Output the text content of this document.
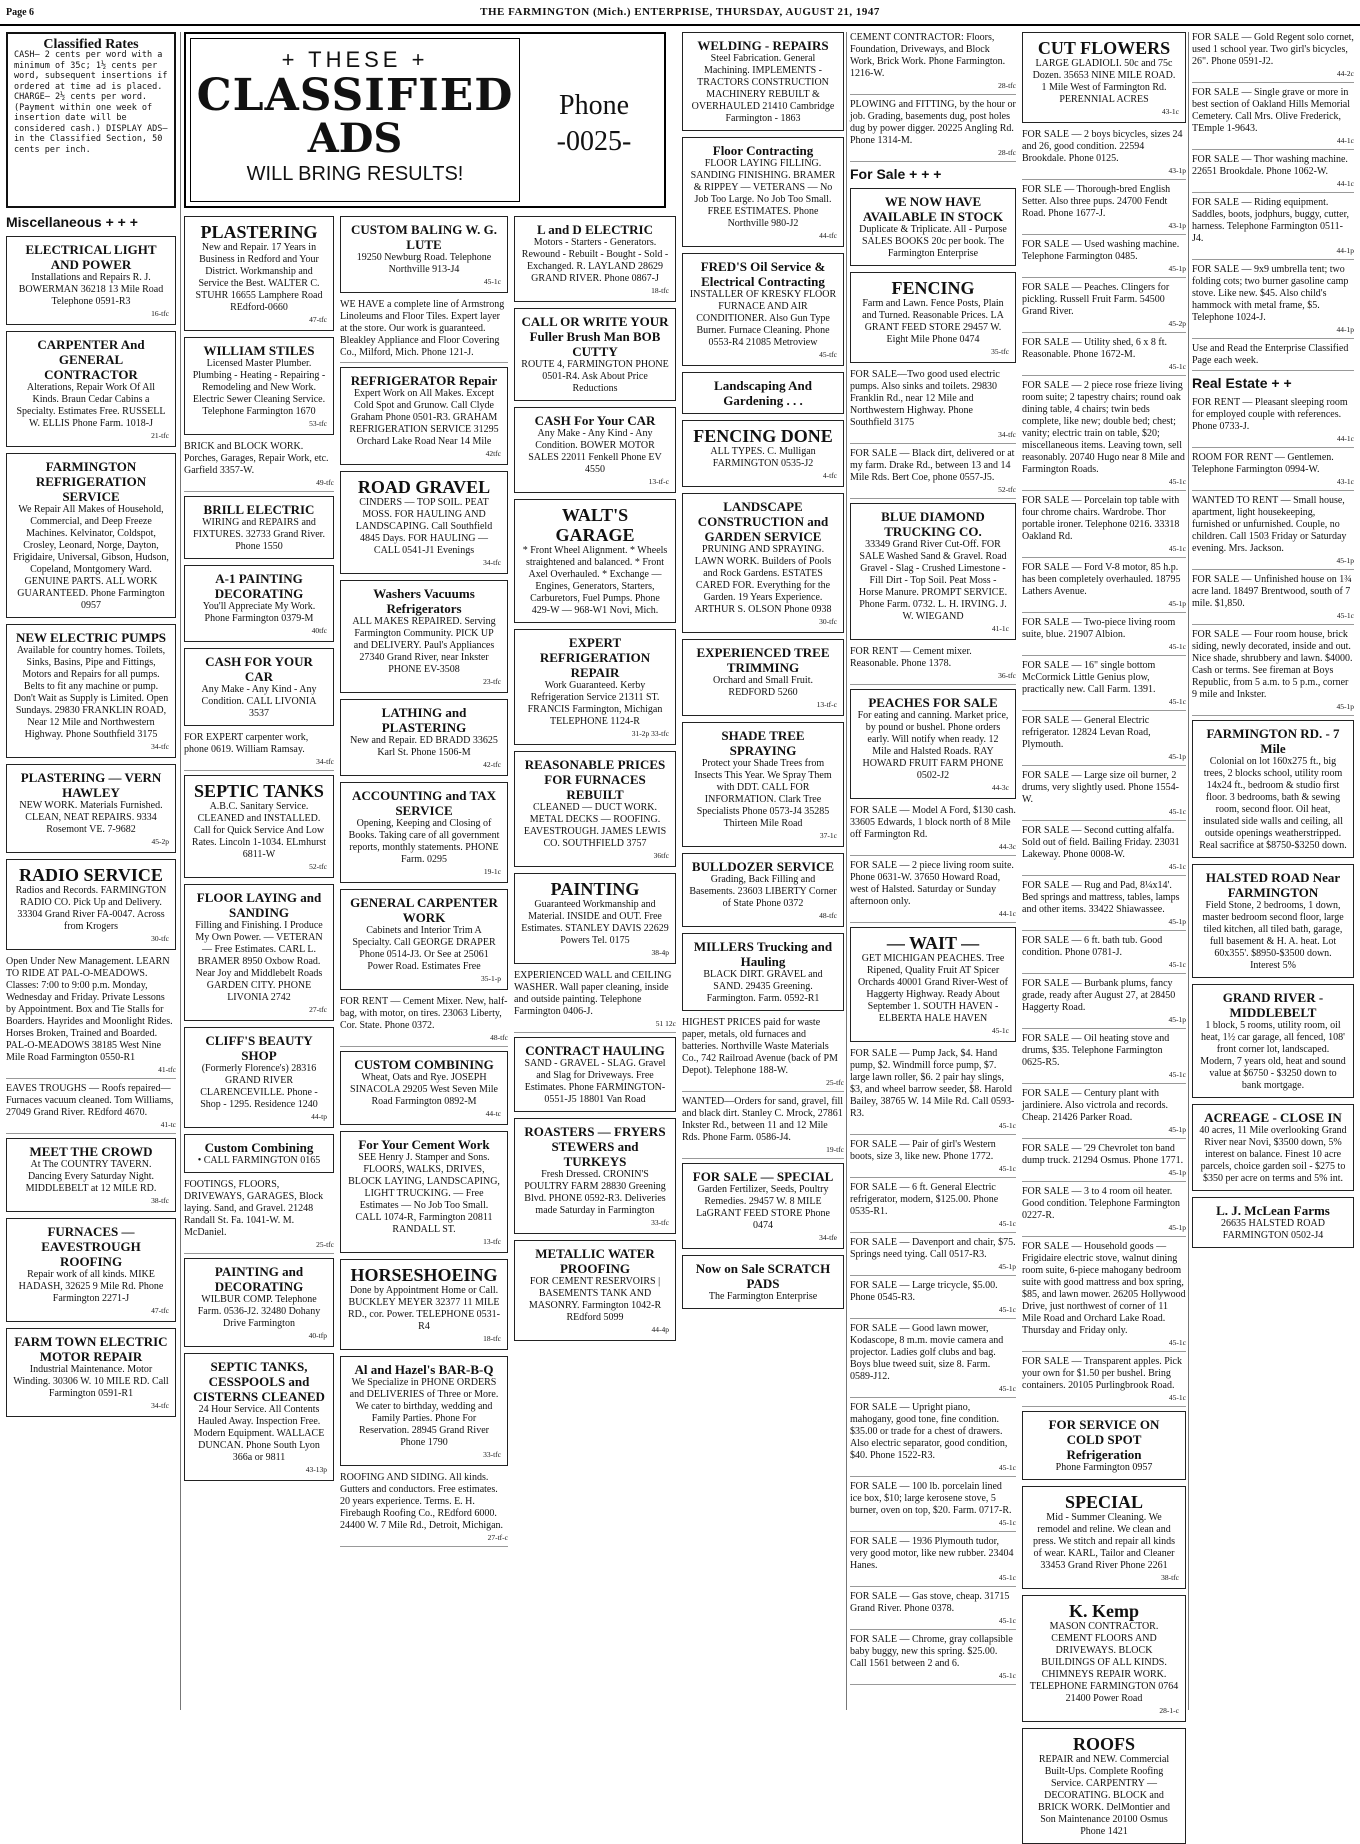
Page 6	THE FARMINGTON (Mich.) ENTERPRISE, THURSDAY, AUGUST 21, 1947
+ THESE +
CLASSIFIED
ADS
WILL BRING RESULTS!
Phone
-0025-
Classified Rates
CASH— 2 cents per word with a minimum of 35c; 1½ cents per word, subsequent insertions if ordered at time ad is placed. CHARGE— 2½ cents per word. (Payment within one week of insertion date will be considered cash.) DISPLAY ADS— in the Classified Section, 50 cents per inch.
Miscellaneous + + +
ELECTRICAL LIGHT AND POWER
Installations and Repairs R. J. BOWERMAN 36218 13 Mile Road Telephone 0591-R3
16-tfc
CARPENTER And GENERAL CONTRACTOR
Alterations, Repair Work Of All Kinds. Braun Cedar Cabins a Specialty. Estimates Free. RUSSELL W. ELLIS Phone Farm. 1018-J
21-tfc
FARMINGTON REFRIGERATION SERVICE
We Repair All Makes of Household, Commercial, and Deep Freeze Machines. Kelvinator, Coldspot, Crosley, Leonard, Norge, Dayton, Frigidaire, Universal, Gibson, Hudson, Copeland, Montgomery Ward. GENUINE PARTS. ALL WORK GUARANTEED. Phone Farmington 0957
NEW ELECTRIC PUMPS
Available for country homes. Toilets, Sinks, Basins, Pipe and Fittings, Motors and Repairs for all pumps. Belts to fit any machine or pump. Don't Wait as Supply is Limited. Open Sundays. 29830 FRANKLIN ROAD, Near 12 Mile and Northwestern Highway. Phone Southfield 3175
34-tfc
PLASTERING — VERN HAWLEY
NEW WORK. Materials Furnished. CLEAN, NEAT REPAIRS. 9334 Rosemont VE. 7-9682
45-2p
RADIO SERVICE
Radios and Records. FARMINGTON RADIO CO. Pick Up and Delivery. 33304 Grand River FA-0047. Across from Krogers
30-tfc
Open Under New Management. LEARN TO RIDE AT PAL-O-MEADOWS. Classes: 7:00 to 9:00 p.m. Monday, Wednesday and Friday. Private Lessons by Appointment. Box and Tie Stalls for Boarders. Hayrides and Moonlight Rides. Horses Broken, Trained and Boarded. PAL-O-MEADOWS 38185 West Nine Mile Road Farmington 0550-R1
41-tfc
EAVES TROUGHS — Roofs repaired—Furnaces vacuum cleaned. Tom Williams, 27049 Grand River. REdford 4670.
41-tc
MEET THE CROWD
At The COUNTRY TAVERN. Dancing Every Saturday Night. MIDDLEBELT at 12 MILE RD.
38-tfc
FURNACES — EAVESTROUGH ROOFING
Repair work of all kinds. MIKE HADASH, 32625 9 Mile Rd. Phone Farmington 2271-J
47-tfc
FARM TOWN ELECTRIC MOTOR REPAIR
Industrial Maintenance. Motor Winding. 30306 W. 10 MILE RD. Call Farmington 0591-R1
34-tfc
PLASTERING
New and Repair. 17 Years in Business in Redford and Your District. Workmanship and Service the Best. WALTER C. STUHR 16655 Lamphere Road REdford-0660
47-tfc
WILLIAM STILES
Licensed Master Plumber. Plumbing - Heating - Repairing - Remodeling and New Work. Electric Sewer Cleaning Service. Telephone Farmington 1670
53-tfc
BRICK and BLOCK WORK. Porches, Garages, Repair Work, etc. Garfield 3357-W.
49-tfc
BRILL ELECTRIC
WIRING and REPAIRS and FIXTURES. 32733 Grand River. Phone 1550
A-1 PAINTING DECORATING
You'll Appreciate My Work. Phone Farmington 0379-M
40tfc
CASH FOR YOUR CAR
Any Make - Any Kind - Any Condition. CALL LIVONIA 3537
FOR EXPERT carpenter work, phone 0619. William Ramsay.
34-tfc
SEPTIC TANKS
A.B.C. Sanitary Service. CLEANED and INSTALLED. Call for Quick Service And Low Rates. Lincoln 1-1034. ELmhurst 6811-W
52-tfc
FLOOR LAYING and SANDING
Filling and Finishing. I Produce My Own Power. — VETERAN — Free Estimates. CARL L. BRAMER 8950 Oxbow Road. Near Joy and Middlebelt Roads GARDEN CITY. PHONE LIVONIA 2742
27-tfc
CLIFF'S BEAUTY SHOP
(Formerly Florence's) 28316 GRAND RIVER CLARENCEVILLE. Phone - Shop - 1295. Residence 1240
44-tp
Custom Combining
• CALL FARMINGTON 0165
FOOTINGS, FLOORS, DRIVEWAYS, GARAGES, Block laying. Sand, and Gravel. 21248 Randall St. Fa. 1041-W. M. McDaniel.
25-tfc
PAINTING and DECORATING
WILBUR COMP. Telephone Farm. 0536-J2. 32480 Dohany Drive Farmington
40-tfp
SEPTIC TANKS, CESSPOOLS and CISTERNS CLEANED
24 Hour Service. All Contents Hauled Away. Inspection Free. Modern Equipment. WALLACE DUNCAN. Phone South Lyon 366a or 9811
43-13p
CUSTOM BALING W. G. LUTE
19250 Newburg Road. Telephone Northville 913-J4
45-1c
WE HAVE a complete line of Armstrong Linoleums and Floor Tiles. Expert layer at the store. Our work is guaranteed. Bleakley Appliance and Floor Covering Co., Milford, Mich. Phone 121-J.
REFRIGERATOR Repair
Expert Work on All Makes. Except Cold Spot and Grunow. Call Clyde Graham Phone 0501-R3. GRAHAM REFRIGERATION SERVICE 31295 Orchard Lake Road Near 14 Mile
42tfc
ROAD GRAVEL
CINDERS — TOP SOIL. PEAT MOSS. FOR HAULING AND LANDSCAPING. Call Southfield 4845 Days. FOR HAULING — CALL 0541-J1 Evenings
34-tfc
Washers Vacuums Refrigerators
ALL MAKES REPAIRED. Serving Farmington Community. PICK UP and DELIVERY. Paul's Appliances 27340 Grand River, near Inkster PHONE EV-3508
23-tfc
LATHING and PLASTERING
New and Repair. ED BRADD 33625 Karl St. Phone 1506-M
42-tfc
ACCOUNTING and TAX SERVICE
Opening, Keeping and Closing of Books. Taking care of all government reports, monthly statements. PHONE Farm. 0295
19-1c
GENERAL CARPENTER WORK
Cabinets and Interior Trim A Specialty. Call GEORGE DRAPER Phone 0514-J3. Or See at 25061 Power Road. Estimates Free
35-1-p
FOR RENT — Cement Mixer. New, half-bag, with motor, on tires. 23063 Liberty, Cor. State. Phone 0372.
48-tfc
CUSTOM COMBINING
Wheat, Oats and Rye. JOSEPH SINACOLA 29205 West Seven Mile Road Farmington 0892-M
44-tc
For Your Cement Work
SEE Henry J. Stamper and Sons. FLOORS, WALKS, DRIVES, BLOCK LAYING, LANDSCAPING, LIGHT TRUCKING. — Free Estimates — No Job Too Small. CALL 1074-R, Farmington 20811 RANDALL ST.
13-tfc
HORSESHOEING
Done by Appointment Home or Call. BUCKLEY MEYER 32377 11 MILE RD., cor. Power. TELEPHONE 0531-R4
18-tfc
Al and Hazel's BAR-B-Q
We Specialize in PHONE ORDERS and DELIVERIES of Three or More. We cater to birthday, wedding and Family Parties. Phone For Reservation. 28945 Grand River Phone 1790
33-tfc
ROOFING AND SIDING. All kinds. Gutters and conductors. Free estimates. 20 years experience. Terms. E. H. Firebaugh Roofing Co., REdford 6000. 24400 W. 7 Mile Rd., Detroit, Michigan.
27-tf-c
L and D ELECTRIC
Motors - Starters - Generators. Rewound - Rebuilt - Bought - Sold - Exchanged. R. LAYLAND 28629 GRAND RIVER. Phone 0867-J
18-tfc
CALL OR WRITE YOUR Fuller Brush Man BOB CUTTY
ROUTE 4, FARMINGTON PHONE 0501-R4. Ask About Price Reductions
CASH For Your CAR
Any Make - Any Kind - Any Condition. BOWER MOTOR SALES 22011 Fenkell Phone EV 4550
13-tf-c
WALT'S GARAGE
* Front Wheel Alignment. * Wheels straightened and balanced. * Front Axel Overhauled. * Exchange — Engines, Generators, Starters, Carburetors, Fuel Pumps. Phone 429-W — 968-W1 Novi, Mich.
EXPERT REFRIGERATION REPAIR
Work Guaranteed. Kerby Refrigeration Service 21311 ST. FRANCIS Farmington, Michigan TELEPHONE 1124-R
31-2p 33-tfc
REASONABLE PRICES FOR FURNACES REBUILT
CLEANED — DUCT WORK. METAL DECKS — ROOFING. EAVESTROUGH. JAMES LEWIS CO. SOUTHFIELD 3757
36tfc
PAINTING
Guaranteed Workmanship and Material. INSIDE and OUT. Free Estimates. STANLEY DAVIS 22629 Powers Tel. 0175
38-4p
EXPERIENCED WALL and CEILING WASHER. Wall paper cleaning, inside and outside painting. Telephone Farmington 0406-J.
51 12c
CONTRACT HAULING
SAND - GRAVEL - SLAG. Gravel and Slag for Driveways. Free Estimates. Phone FARMINGTON-0551-J5 18801 Van Road
ROASTERS — FRYERS STEWERS and TURKEYS
Fresh Dressed. CRONIN'S POULTRY FARM 28830 Greening Blvd. PHONE 0592-R3. Deliveries made Saturday in Farmington
33-tfc
METALLIC WATER PROOFING
FOR CEMENT RESERVOIRS | BASEMENTS TANK AND MASONRY. Farmington 1042-R REdford 5099
44-4p
WELDING - REPAIRS
Steel Fabrication. General Machining. IMPLEMENTS - TRACTORS CONSTRUCTION MACHINERY REBUILT & OVERHAULED 21410 Cambridge Farmington - 1863
Floor Contracting
FLOOR LAYING FILLING. SANDING FINISHING. BRAMER & RIPPEY — VETERANS — No Job Too Large. No Job Too Small. FREE ESTIMATES. Phone Northville 980-J2
44-tfc
FRED'S Oil Service & Electrical Contracting
INSTALLER OF KRESKY FLOOR FURNACE AND AIR CONDITIONER. Also Gun Type Burner. Furnace Cleaning. Phone 0553-R4 21085 Metroview
45-tfc
Landscaping And Gardening . . .
FENCING DONE
ALL TYPES. C. Mulligan FARMINGTON 0535-J2
4-tfc
LANDSCAPE CONSTRUCTION and GARDEN SERVICE
PRUNING AND SPRAYING. LAWN WORK. Builders of Pools and Rock Gardens. ESTATES CARED FOR. Everything for the Garden. 19 Years Experience. ARTHUR S. OLSON Phone 0938
30-tfc
EXPERIENCED TREE TRIMMING
Orchard and Small Fruit. REDFORD 5260
13-tf-c
SHADE TREE SPRAYING
Protect your Shade Trees from Insects This Year. We Spray Them with DDT. CALL FOR INFORMATION. Clark Tree Specialists Phone 0573-J4 35285 Thirteen Mile Road
37-1c
BULLDOZER SERVICE
Grading, Back Filling and Basements. 23603 LIBERTY Corner of State Phone 0372
48-tfc
MILLERS Trucking and Hauling
BLACK DIRT. GRAVEL and SAND. 29435 Greening. Farmington. Farm. 0592-R1
HIGHEST PRICES paid for waste paper, metals, old furnaces and batteries. Northville Waste Materials Co., 742 Railroad Avenue (back of PM Depot). Telephone 188-W.
25-tfc
WANTED—Orders for sand, gravel, fill and black dirt. Stanley C. Mrock, 27861 Inkster Rd., between 11 and 12 Mile Rds. Phone Farm. 0586-J4.
19-tfc
FOR SALE — SPECIAL
Garden Fertilizer, Seeds, Poultry Remedies. 29457 W. 8 MILE LaGRANT FEED STORE Phone 0474
34-tfe
Now on Sale SCRATCH PADS
The Farmington Enterprise
CEMENT CONTRACTOR: Floors, Foundation, Driveways, and Block Work, Brick Work. Phone Farmington. 1216-W.
28-tfc
PLOWING and FITTING, by the hour or job. Grading, basements dug, post holes dug by power digger. 20225 Angling Rd. Phone 1314-M.
28-tfc
For Sale + + +
WE NOW HAVE AVAILABLE IN STOCK
Duplicate & Triplicate. All - Purpose SALES BOOKS 20c per book. The Farmington Enterprise
FENCING
Farm and Lawn. Fence Posts, Plain and Turned. Reasonable Prices. LA GRANT FEED STORE 29457 W. Eight Mile Phone 0474
35-tfc
FOR SALE—Two good used electric pumps. Also sinks and toilets. 29830 Franklin Rd., near 12 Mile and Northwestern Highway. Phone Southfield 3175
34-tfc
FOR SALE — Black dirt, delivered or at my farm. Drake Rd., between 13 and 14 Mile Rds. Bert Coe, phone 0557-J5.
52-tfc
BLUE DIAMOND TRUCKING CO.
33349 Grand River Cut-Off. FOR SALE Washed Sand & Gravel. Road Gravel - Slag - Crushed Limestone - Fill Dirt - Top Soil. Peat Moss - Horse Manure. PROMPT SERVICE. Phone Farm. 0732. L. H. IRVING. J. W. WIEGAND
41-1c
FOR RENT — Cement mixer. Reasonable. Phone 1378.
36-tfc
PEACHES FOR SALE
For eating and canning. Market price, by pound or bushel. Phone orders early. Will notify when ready. 12 Mile and Halsted Roads. RAY HOWARD FRUIT FARM PHONE 0502-J2
44-3c
FOR SALE — Model A Ford, $130 cash. 33605 Edwards, 1 block north of 8 Mile off Farmington Rd.
44-3c
FOR SALE — 2 piece living room suite. Phone 0631-W. 37650 Howard Road, west of Halsted. Saturday or Sunday afternoon only.
44-1c
— WAIT —
GET MICHIGAN PEACHES. Tree Ripened, Quality Fruit AT Spicer Orchards 40001 Grand River-West of Haggerty Highway. Ready About September 1. SOUTH HAVEN - ELBERTA HALE HAVEN
45-1c
FOR SALE — Pump Jack, $4. Hand pump, $2. Windmill force pump, $7. large lawn roller, $6. 2 pair hay slings, $3, and wheel barrow seeder, $8. Harold Bailey, 38765 W. 14 Mile Rd. Call 0593-R3.
45-1c
FOR SALE — Pair of girl's Western boots, size 3, like new. Phone 1772.
45-1c
FOR SALE — 6 ft. General Electric refrigerator, modern, $125.00. Phone 0535-R1.
45-1c
FOR SALE — Davenport and chair, $75. Springs need tying. Call 0517-R3.
45-1p
FOR SALE — Large tricycle, $5.00. Phone 0545-R3.
45-1c
FOR SALE — Good lawn mower, Kodascope, 8 m.m. movie camera and projector. Ladies golf clubs and bag. Boys blue tweed suit, size 8. Farm. 0589-J12.
45-1c
FOR SALE — Upright piano, mahogany, good tone, fine condition. $35.00 or trade for a chest of drawers. Also electric separator, good condition, $40. Phone 1522-R3.
45-1c
FOR SALE — 100 lb. porcelain lined ice box, $10; large kerosene stove, 5 burner, oven on top, $20. Farm. 0717-R.
45-1c
FOR SALE — 1936 Plymouth tudor, very good motor, like new rubber. 23404 Hanes.
45-1c
FOR SALE — Gas stove, cheap. 31715 Grand River. Phone 0378.
45-1c
FOR SALE — Chrome, gray collapsible baby buggy, new this spring. $25.00. Call 1561 between 2 and 6.
45-1c
CUT FLOWERS
LARGE GLADIOLI. 50c and 75c Dozen. 35653 NINE MILE ROAD. 1 Mile West of Farmington Rd. PERENNIAL ACRES
43-1c
FOR SALE — 2 boys bicycles, sizes 24 and 26, good condition. 22594 Brookdale. Phone 0125.
43-1p
FOR SLE — Thorough-bred English Setter. Also three pups. 24700 Fendt Road. Phone 1677-J.
43-1p
FOR SALE — Used washing machine. Telephone Farmington 0485.
45-1p
FOR SALE — Peaches. Clingers for pickling. Russell Fruit Farm. 54500 Grand River.
45-2p
FOR SALE — Utility shed, 6 x 8 ft. Reasonable. Phone 1672-M.
45-1c
FOR SALE — 2 piece rose frieze living room suite; 2 tapestry chairs; round oak dining table, 4 chairs; twin beds complete, like new; double bed; chest; vanity; electric train on table, $20; miscellaneous items. Leaving town, sell reasonably. 20740 Hugo near 8 Mile and Farmington Roads.
45-1c
FOR SALE — Porcelain top table with four chrome chairs. Wardrobe. Thor portable ironer. Telephone 0216. 33318 Oakland Rd.
45-1c
FOR SALE — Ford V-8 motor, 85 h.p. has been completely overhauled. 18795 Lathers Avenue.
45-1p
FOR SALE — Two-piece living room suite, blue. 21907 Albion.
45-1c
FOR SALE — 16" single bottom McCormick Little Genius plow, practically new. Call Farm. 1391.
45-1c
FOR SALE — General Electric refrigerator. 12824 Levan Road, Plymouth.
45-1p
FOR SALE — Large size oil burner, 2 drums, very slightly used. Phone 1554-W.
45-1c
FOR SALE — Second cutting alfalfa. Sold out of field. Bailing Friday. 23031 Lakeway. Phone 0008-W.
45-1c
FOR SALE — Rug and Pad, 8¼x14'. Bed springs and mattress, tables, lamps and other items. 33422 Shiawassee.
45-1p
FOR SALE — 6 ft. bath tub. Good condition. Phone 0781-J.
45-1c
FOR SALE — Burbank plums, fancy grade, ready after August 27, at 28450 Haggerty Road.
45-1p
FOR SALE — Oil heating stove and drums, $35. Telephone Farmington 0625-R5.
45-1c
FOR SALE — Century plant with jardiniere. Also victrola and records. Cheap. 21426 Parker Road.
45-1p
FOR SALE — '29 Chevrolet ton band dump truck. 21294 Osmus. Phone 1771.
45-1p
FOR SALE — 3 to 4 room oil heater. Good condition. Telephone Farmington 0227-R.
45-1p
FOR SALE — Household goods — Frigidaire electric stove, walnut dining room suite, 6-piece mahogany bedroom suite with good mattress and box spring, $85, and lawn mower. 26205 Hollywood Drive, just northwest of corner of 11 Mile Road and Orchard Lake Road. Thursday and Friday only.
45-1c
FOR SALE — Transparent apples. Pick your own for $1.50 per bushel. Bring containers. 20105 Purlingbrook Road.
45-1c
FOR SERVICE ON COLD SPOT Refrigeration
Phone Farmington 0957
SPECIAL
Mid - Summer Cleaning. We remodel and reline. We clean and press. We stitch and repair all kinds of wear. KARL, Tailor and Cleaner 33453 Grand River Phone 2261
38-tfc
K. Kemp
MASON CONTRACTOR. CEMENT FLOORS AND DRIVEWAYS. BLOCK BUILDINGS OF ALL KINDS. CHIMNEYS REPAIR WORK. TELEPHONE FARMINGTON 0764 21400 Power Road
28-1-c
ROOFS
REPAIR and NEW. Commercial Built-Ups. Complete Roofing Service. CARPENTRY — DECORATING. BLOCK and BRICK WORK. DelMontier and Son Maintenance 20100 Osmus Phone 1421
FOR SALE — Gold Regent solo cornet, used 1 school year. Two girl's bicycles, 26". Phone 0591-J2.
44-2c
FOR SALE — Single grave or more in best section of Oakland Hills Memorial Cemetery. Call Mrs. Olive Frederick, TEmple 1-9643.
44-1c
FOR SALE — Thor washing machine. 22651 Brookdale. Phone 1062-W.
44-1c
FOR SALE — Riding equipment. Saddles, boots, jodphurs, buggy, cutter, harness. Telephone Farmington 0511-J4.
44-1p
FOR SALE — 9x9 umbrella tent; two folding cots; two burner gasoline camp stove. Like new. $45. Also child's hammock with metal frame, $5. Telephone 1024-J.
44-1p
Use and Read the Enterprise Classified Page each week.
Real Estate + +
FOR RENT — Pleasant sleeping room for employed couple with references. Phone 0733-J.
44-1c
ROOM FOR RENT — Gentlemen. Telephone Farmington 0994-W.
43-1c
WANTED TO RENT — Small house, apartment, light housekeeping, furnished or unfurnished. Couple, no children. Call 1503 Friday or Saturday evening. Mrs. Jackson.
45-1p
FOR SALE — Unfinished house on 1¾ acre land. 18497 Brentwood, south of 7 mile. $1,850.
45-1c
FOR SALE — Four room house, brick siding, newly decorated, inside and out. Nice shade, shrubbery and lawn. $4000. Cash or terms. See fireman at Boys Republic, from 5 a.m. to 5 p.m., corner 9 mile and Inkster.
45-1p
FARMINGTON RD. - 7 Mile
Colonial on lot 160x275 ft., big trees, 2 blocks school, utility room 14x24 ft., bedroom & studio first floor. 3 bedrooms, bath & sewing room, second floor. Oil heat, insulated side walls and ceiling, all outside openings weatherstripped. Real sacrifice at $8750-$3250 down.
HALSTED ROAD Near FARMINGTON
Field Stone, 2 bedrooms, 1 down, master bedroom second floor, large tiled kitchen, all tiled bath, garage, full basement & H. A. heat. Lot 60x355'. $8950-$3500 down. Interest 5%
GRAND RIVER - MIDDLEBELT
1 block, 5 rooms, utility room, oil heat, 1½ car garage, all fenced, 108' front corner lot, landscaped. Modern, 7 years old, heat and sound value at $6750 - $3250 down to bank mortgage.
ACREAGE - CLOSE IN
40 acres, 11 Mile overlooking Grand River near Novi, $3500 down, 5% interest on balance. Finest 10 acre parcels, choice garden soil - $275 to $350 per acre on terms and 5% int.
L. J. McLean Farms
26635 HALSTED ROAD FARMINGTON 0502-J4
